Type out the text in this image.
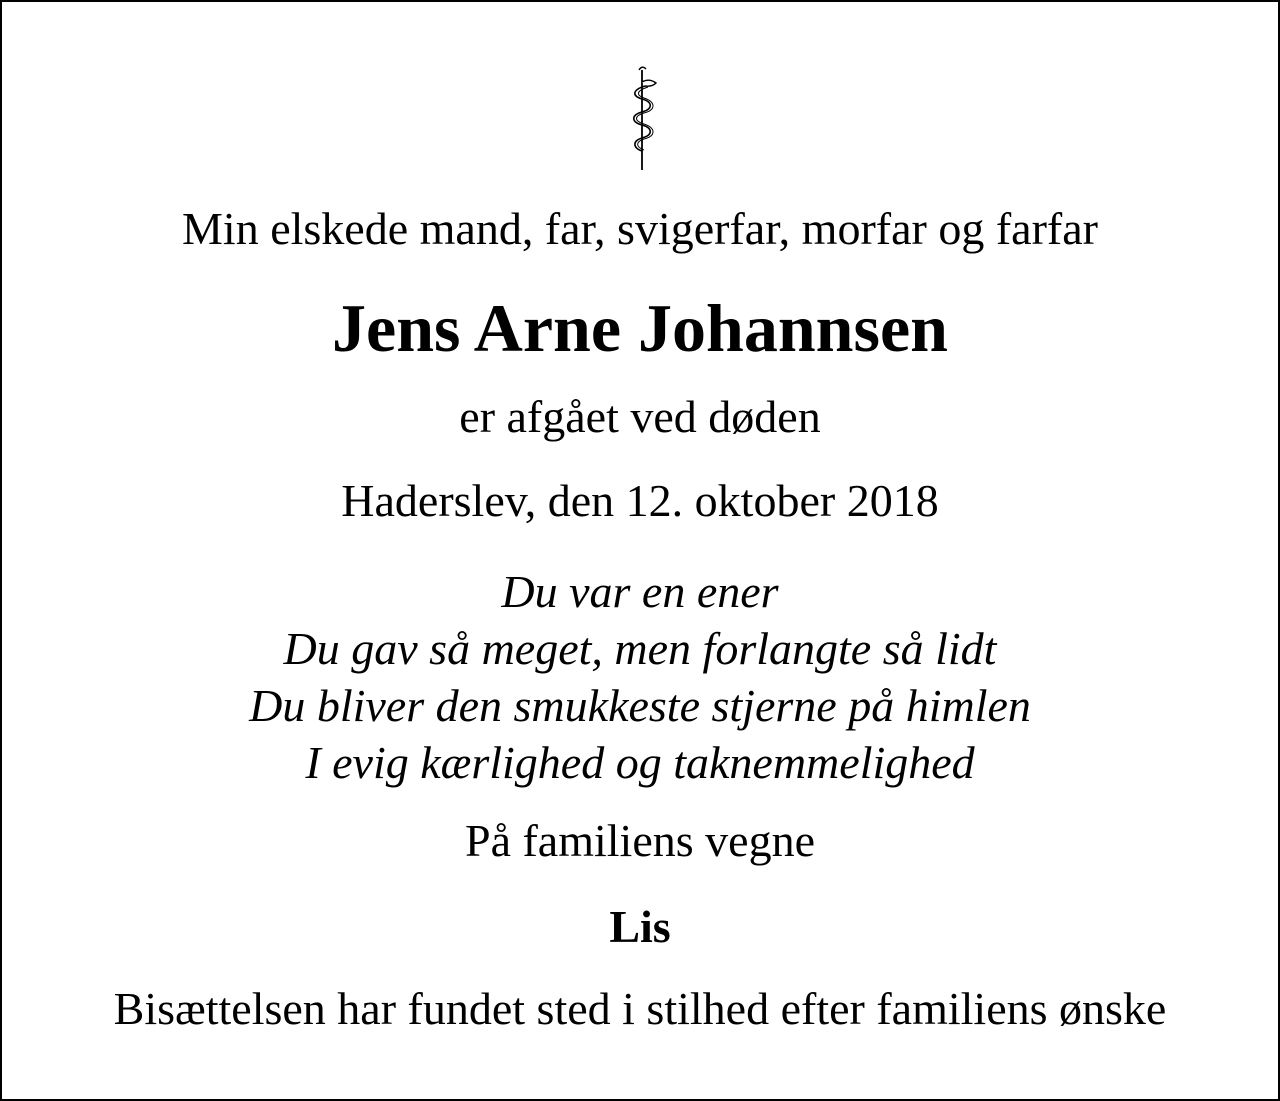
Min elskede mand, far, svigerfar, morfar og farfar
Jens Arne Johannsen
er afgået ved døden
Haderslev, den 12. oktober 2018
Du var en ener
Du gav så meget, men forlangte så lidt
Du bliver den smukkeste stjerne på himlen
I evig kærlighed og taknemmelighed
På familiens vegne
Lis
Bisættelsen har fundet sted i stilhed efter familiens ønske
